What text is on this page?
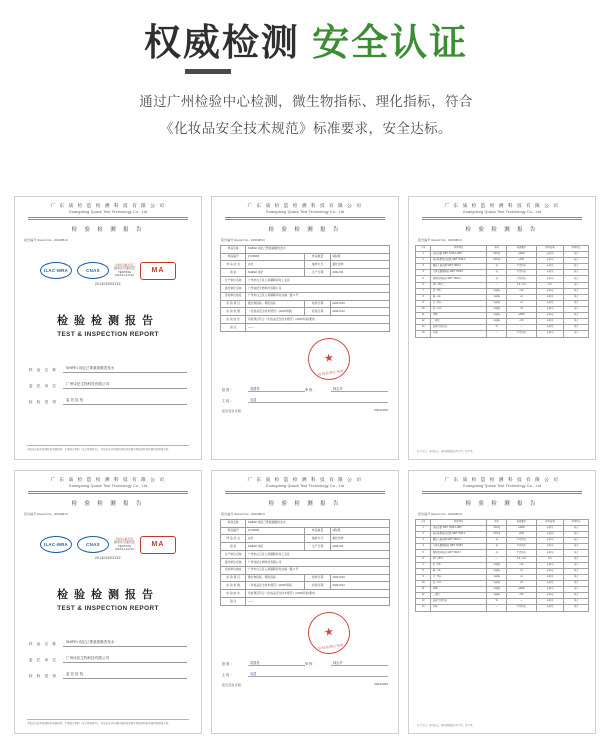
权威检测 安全认证
通过广州检验中心检测，微生物指标、理化指标，符合
《化妆品安全技术规范》标准要求，安全达标。
广 东 质 检 造 检 测 科 技 有 限 公 司
Guangdong Quack Test Technology Co., Ltd
检 验 检 测 报 告
报告编号 Report No.: 20200813
ILAC-MRA	CNAS
中国合格评定
国家认可委员会
TESTING
CNAS L11712
MA
2018J9003152
检验检测报告
TEST & INSPECTION REPORT
样 品 名 称	SHIFEI 诗妃己菁氨基酸洗发水
委 托 单 位	广州诗妃生物科技有限公司
检 验 类 别	委 托 检 验
本报告未经本检测机构书面同意，不得部分复制（全文复制除外）。本报告无本检测机构检验检测专用章或检验检测机构印章无效。
广 东 质 检 造 检 测 科 技 有 限 公 司
Guangdong Quack Test Technology Co., Ltd
检 验 检 测 报 告
报告编号 Report No.: 20200813
样品名称	SHIFEI 诗妃己菁氨基酸洗发水		
样品编号	2Y20049	样品数量	1瓶/瓶
样 品 状 态	完好	抽样方式	委托送样
商 标	SHIFEI 诗妃	生产日期	2021/2/6
生产单位名称	广州市白云区人和镇鹤亭村工业区		
委托单位名称	广州诗妃生物科技有限公司		
受检单位地址	广州市白云区人和镇鹤亭村自编一路 3 号		
检 验 项 目	微生物指标、理化指标	收样日期	2021/3/10
检 验 依 据	《化妆品安全技术规范》(2015年版)	检验日期	2021/3/12
检 验 结 论	所检项目符合《化妆品安全技术规范》(2015年版)要求。		
备 注	——		
★
检验检测专用章
批准：	袁国美	审核：	林志华
主检：	吴清
报告签发日期：	2021/3/20
广 东 质 检 造 检 测 科 技 有 限 公 司
Guangdong Quack Test Technology Co., Ltd
检 验 检 测 报 告
报告编号 Report No.: 20200813
序号	检验项目	单位	标准要求	检验结果	单项判定
1	菌落总数 GB/T 7918.2-1987	CFU/g	≤1000	未检出	符合
2	霉菌和酵母菌总数 GB/T 7918.2	CFU/g	≤100	未检出	符合
3	耐热大肠菌群 GB/T 7918.3	/g	不得检出	未检出	符合
4	金黄色葡萄球菌 GB/T 7918.5	/g	不得检出	未检出	符合
5	铜绿假单胞菌 GB/T 7918.4	/g	不得检出	未检出	符合
6	pH（25℃）	—	4.0～9.0	5.6	符合
7	铅（Pb）	mg/kg	≤10	未检出	符合
8	砷（As）	mg/kg	≤2	未检出	符合
9	汞（Hg）	mg/kg	≤1	未检出	符合
10	镉（Cd）	mg/kg	≤5	未检出	符合
11	甲醇	mg/kg	≤2000	未检出	符合
12	二噁烷	mg/kg	≤30	未检出	符合
13	游离氢氧化钠	%	—	未检出	符合
14	石棉	—	不得检出	未检出	符合
以下空白。本页结束。检验检测报告共 3 页，第 3 页。
广 东 质 检 造 检 测 科 技 有 限 公 司
Guangdong Quack Test Technology Co., Ltd
检 验 检 测 报 告
报告编号 Report No.: 20200813
ILAC-MRA	CNAS
中国合格评定
国家认可委员会
TESTING
CNAS L11712
MA
2018J9003152
检验检测报告
TEST & INSPECTION REPORT
样 品 名 称	SHIFEI 诗妃己菁氨基酸洗发水
委 托 单 位	广州诗妃生物科技有限公司
检 验 类 别	委 托 检 验
本报告未经本检测机构书面同意，不得部分复制（全文复制除外）。本报告无本检测机构检验检测专用章或检验检测机构印章无效。
广 东 质 检 造 检 测 科 技 有 限 公 司
Guangdong Quack Test Technology Co., Ltd
检 验 检 测 报 告
报告编号 Report No.: 20200813
样品名称	SHIFEI 诗妃己菁氨基酸洗发水		
样品编号	2Y20049	样品数量	1瓶/瓶
样 品 状 态	完好	抽样方式	委托送样
商 标	SHIFEI 诗妃	生产日期	2021/2/6
生产单位名称	广州市白云区人和镇鹤亭村工业区		
委托单位名称	广州诗妃生物科技有限公司		
受检单位地址	广州市白云区人和镇鹤亭村自编一路 3 号		
检 验 项 目	微生物指标、理化指标	收样日期	2021/3/10
检 验 依 据	《化妆品安全技术规范》(2015年版)	检验日期	2021/3/12
检 验 结 论	所检项目符合《化妆品安全技术规范》(2015年版)要求。		
备 注	——		
★
检验检测专用章
批准：	袁国美	审核：	林志华
主检：	吴清
报告签发日期：	2021/3/20
广 东 质 检 造 检 测 科 技 有 限 公 司
Guangdong Quack Test Technology Co., Ltd
检 验 检 测 报 告
报告编号 Report No.: 20200813
序号	检验项目	单位	标准要求	检验结果	单项判定
1	菌落总数 GB/T 7918.2-1987	CFU/g	≤1000	未检出	符合
2	霉菌和酵母菌总数 GB/T 7918.2	CFU/g	≤100	未检出	符合
3	耐热大肠菌群 GB/T 7918.3	/g	不得检出	未检出	符合
4	金黄色葡萄球菌 GB/T 7918.5	/g	不得检出	未检出	符合
5	铜绿假单胞菌 GB/T 7918.4	/g	不得检出	未检出	符合
6	pH（25℃）	—	4.0～9.0	5.6	符合
7	铅（Pb）	mg/kg	≤10	未检出	符合
8	砷（As）	mg/kg	≤2	未检出	符合
9	汞（Hg）	mg/kg	≤1	未检出	符合
10	镉（Cd）	mg/kg	≤5	未检出	符合
11	甲醇	mg/kg	≤2000	未检出	符合
12	二噁烷	mg/kg	≤30	未检出	符合
13	游离氢氧化钠	%	—	未检出	符合
14	石棉	—	不得检出	未检出	符合
以下空白。本页结束。检验检测报告共 3 页，第 3 页。
